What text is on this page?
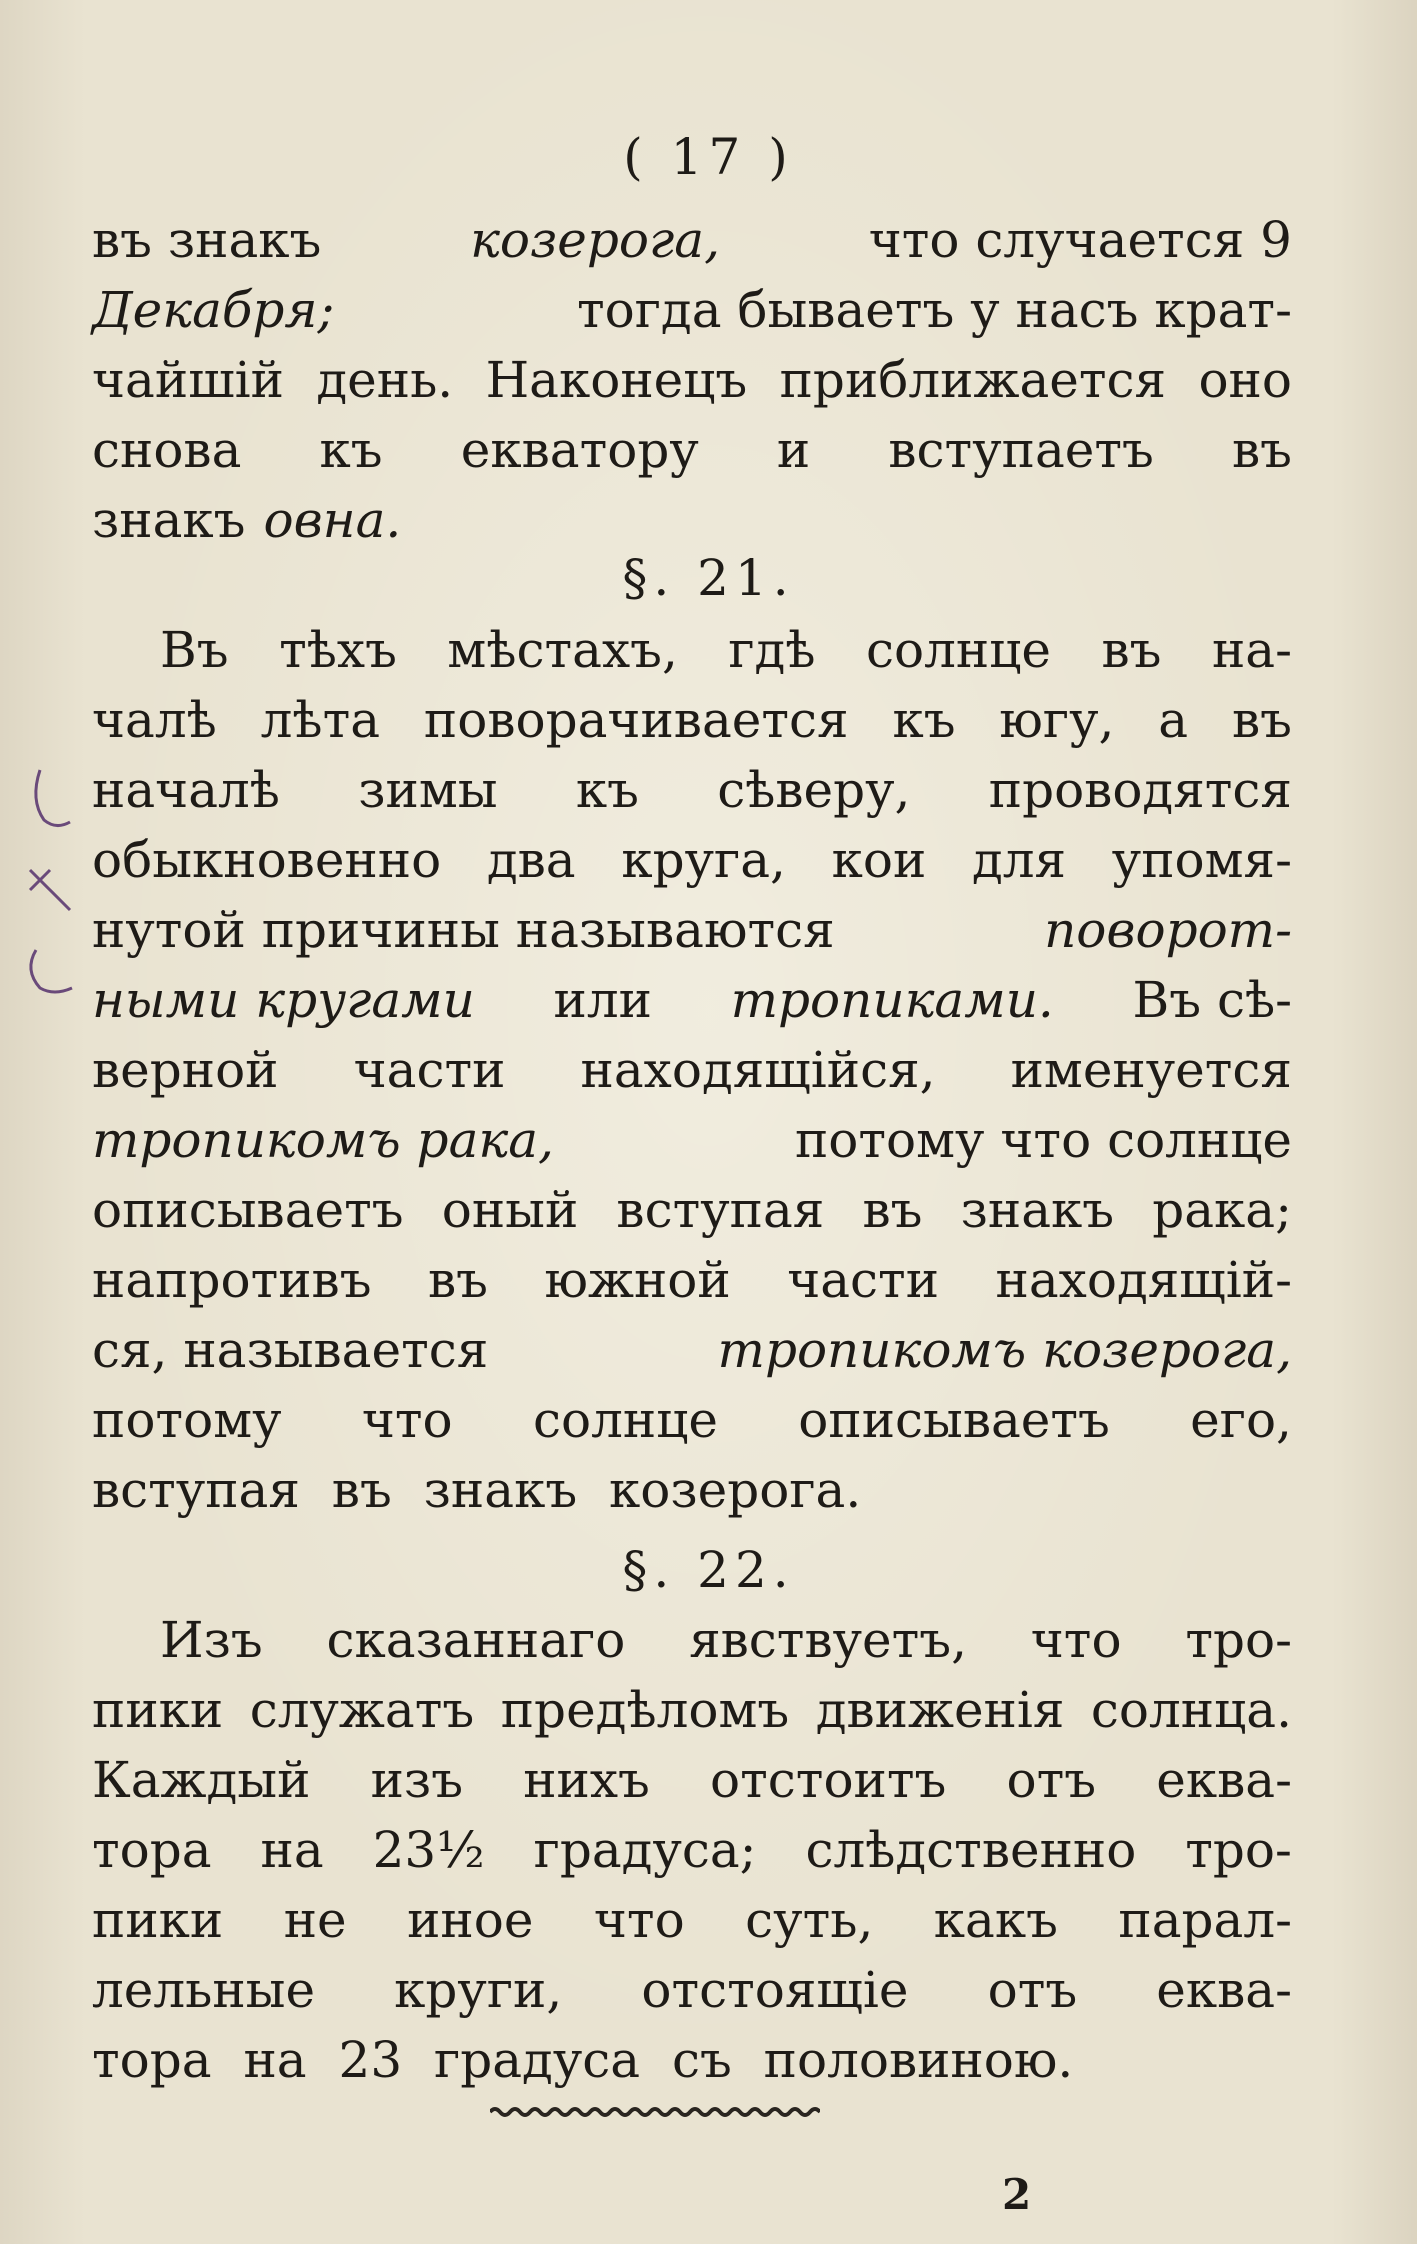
( 17 )
въ знакъ	козерога,	что случается 9
Декабря;	тогда бываетъ у насъ крат-
чайшій день. Наконецъ приближается оно
снова къ екватору и вступаетъ въ
знакъ овна.
§. 21.
Въ тѣхъ мѣстахъ, гдѣ солнце въ на-
чалѣ лѣта поворачивается къ югу, а въ
началѣ зимы къ сѣверу, проводятся
обыкновенно два круга, кои для упомя-
нутой причины называются	поворот-
ными кругами или тропиками. Въ сѣ-
верной части находящійся, именуется
тропикомъ рака,	потому что солнце
описываетъ оный вступая въ знакъ рака;
напротивъ въ южной части находящій-
ся, называется	тропикомъ козерога,
потому что солнце описываетъ его,
вступая въ знакъ козерога.
§. 22.
Изъ сказаннаго явствуетъ, что тро-
пики служатъ предѣломъ движенія солнца.
Каждый изъ нихъ отстоитъ отъ еква-
тора на 23½ градуса; слѣдственно тро-
пики не иное что суть, какъ парал-
лельные круги, отстоящіе отъ еква-
тора на 23 градуса съ половиною.
2
